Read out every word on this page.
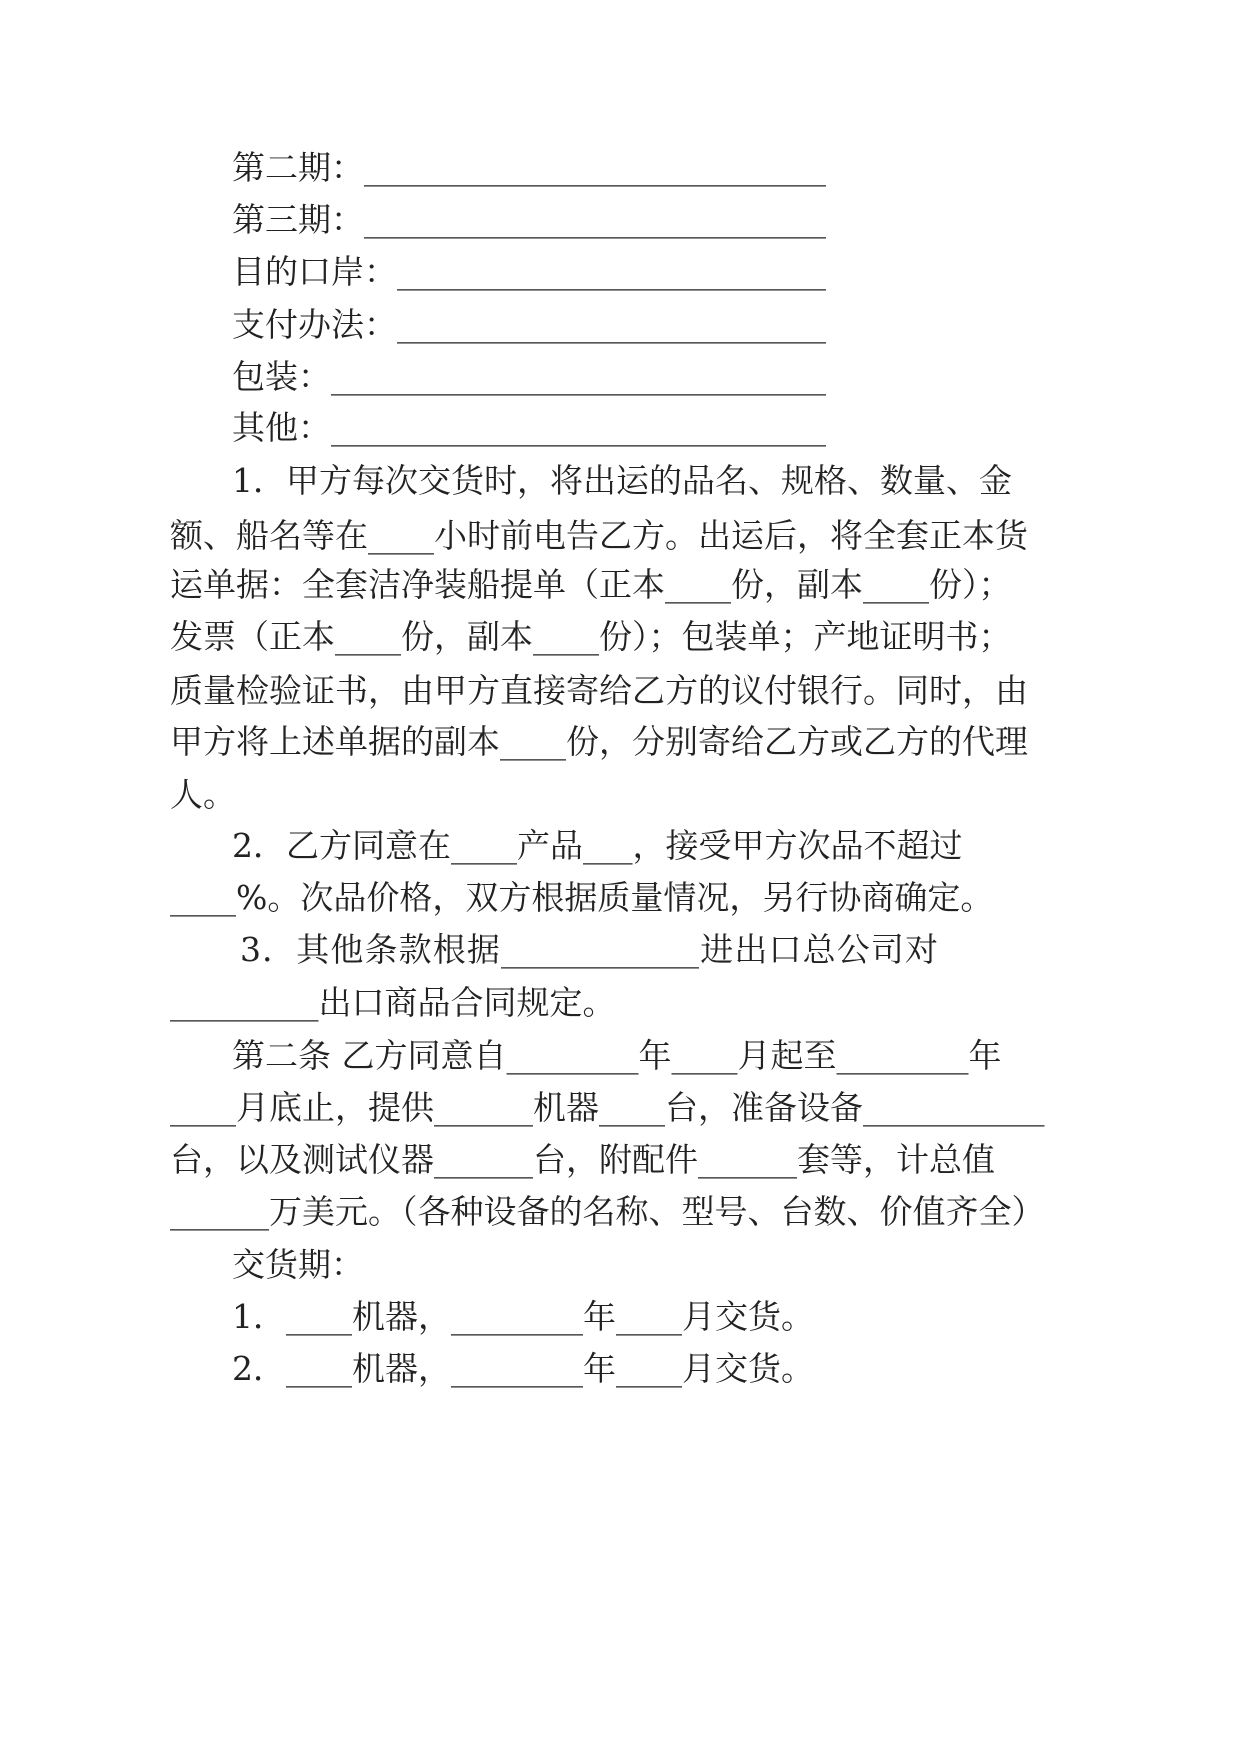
第二期：____________________________
第三期：____________________________
目的口岸：__________________________
支付办法：__________________________
包装：______________________________
其他：______________________________
1．甲方每次交货时，将出运的品名、规格、数量、金
额、船名等在____小时前电告乙方。出运后，将全套正本货
运单据：全套洁净装船提单（正本____份，副本____份）；
发票（正本____份，副本____份）；包装单；产地证明书；
质量检验证书，由甲方直接寄给乙方的议付银行。同时，由
甲方将上述单据的副本____份，分别寄给乙方或乙方的代理
人。
2．乙方同意在____产品___，接受甲方次品不超过
____%。次品价格，双方根据质量情况，另行协商确定。
3．其他条款根据____________进出口总公司对
_________出口商品合同规定。
第二条 乙方同意自________年____月起至________年
____月底止，提供______机器____台，准备设备___________
台，以及测试仪器______台，附配件______套等，计总值
______万美元。（各种设备的名称、型号、台数、价值齐全）
交货期：
1．____机器，________年____月交货。
2．____机器，________年____月交货。
